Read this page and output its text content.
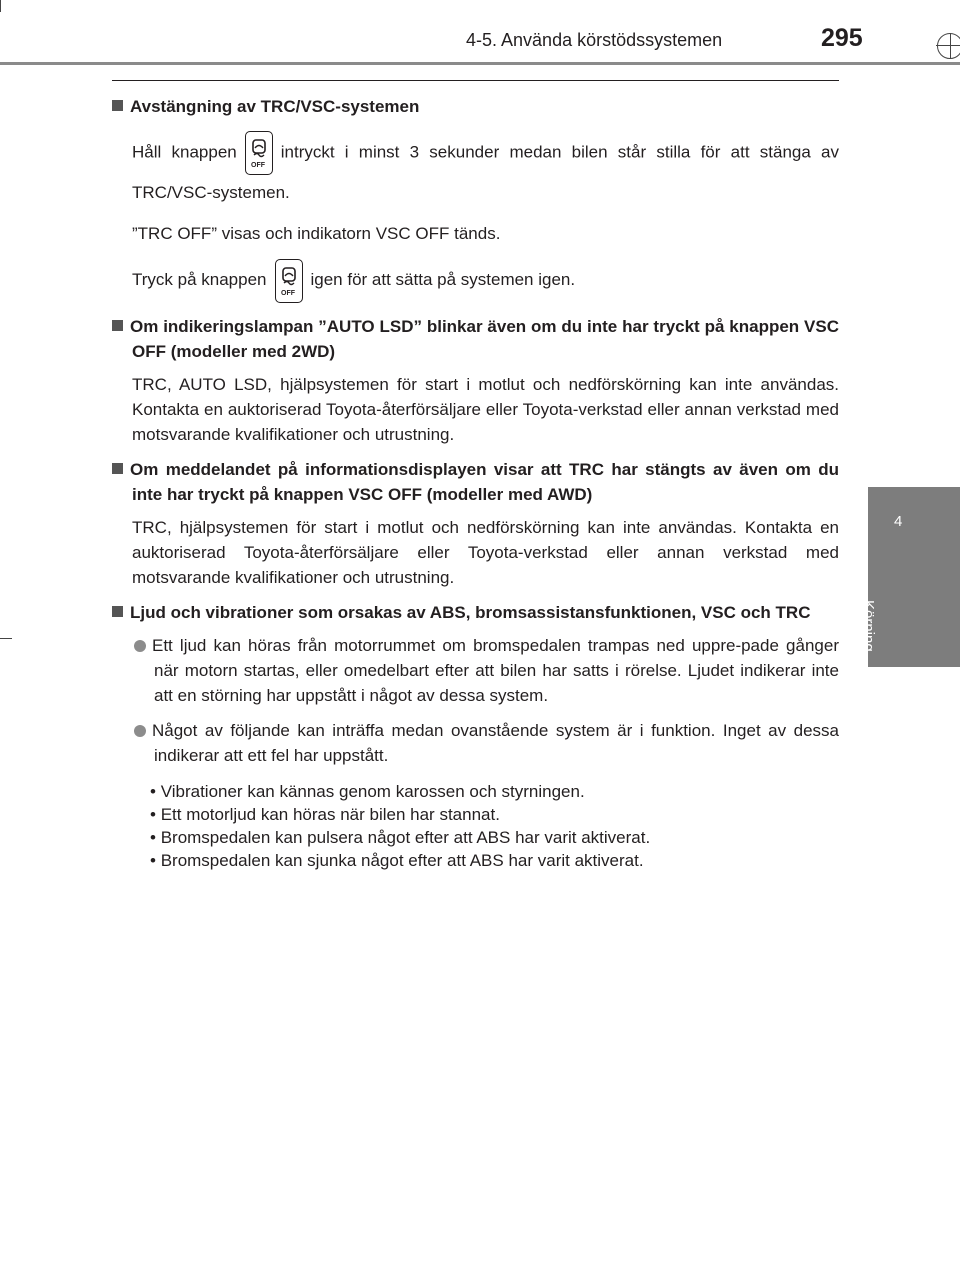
4-5. Använda körstödssystemen	295
4
Körning

Avstängning av TRC/VSC-systemen

Håll knappen
OFF
intryckt i minst 3 sekunder medan bilen står stilla för att stänga av TRC/VSC-systemen.

”TRC OFF” visas och indikatorn VSC OFF tänds.

Tryck på knappen
OFF
igen för att sätta på systemen igen.

Om indikeringslampan ”AUTO LSD” blinkar även om du inte har tryckt på knappen VSC OFF (modeller med 2WD)

TRC, AUTO LSD, hjälpsystemen för start i motlut och nedförskörning kan inte användas. Kontakta en auktoriserad Toyota-återförsäljare eller Toyota-verkstad eller annan verkstad med motsvarande kvalifikationer och utrustning.

Om meddelandet på informationsdisplayen visar att TRC har stängts av även om du inte har tryckt på knappen VSC OFF (modeller med AWD)

TRC, hjälpsystemen för start i motlut och nedförskörning kan inte användas. Kontakta en auktoriserad Toyota-återförsäljare eller Toyota-verkstad eller annan verkstad med motsvarande kvalifikationer och utrustning.

Ljud och vibrationer som orsakas av ABS, bromsassistansfunktionen, VSC och TRC

Ett ljud kan höras från motorrummet om bromspedalen trampas ned uppre-pade gånger när motorn startas, eller omedelbart efter att bilen har satts i rörelse. Ljudet indikerar inte att en störning har uppstått i något av dessa system.

Något av följande kan inträffa medan ovanstående system är i funktion. Inget av dessa indikerar att ett fel har uppstått.

• Vibrationer kan kännas genom karossen och styrningen.

• Ett motorljud kan höras när bilen har stannat.

• Bromspedalen kan pulsera något efter att ABS har varit aktiverat.

• Bromspedalen kan sjunka något efter att ABS har varit aktiverat.
